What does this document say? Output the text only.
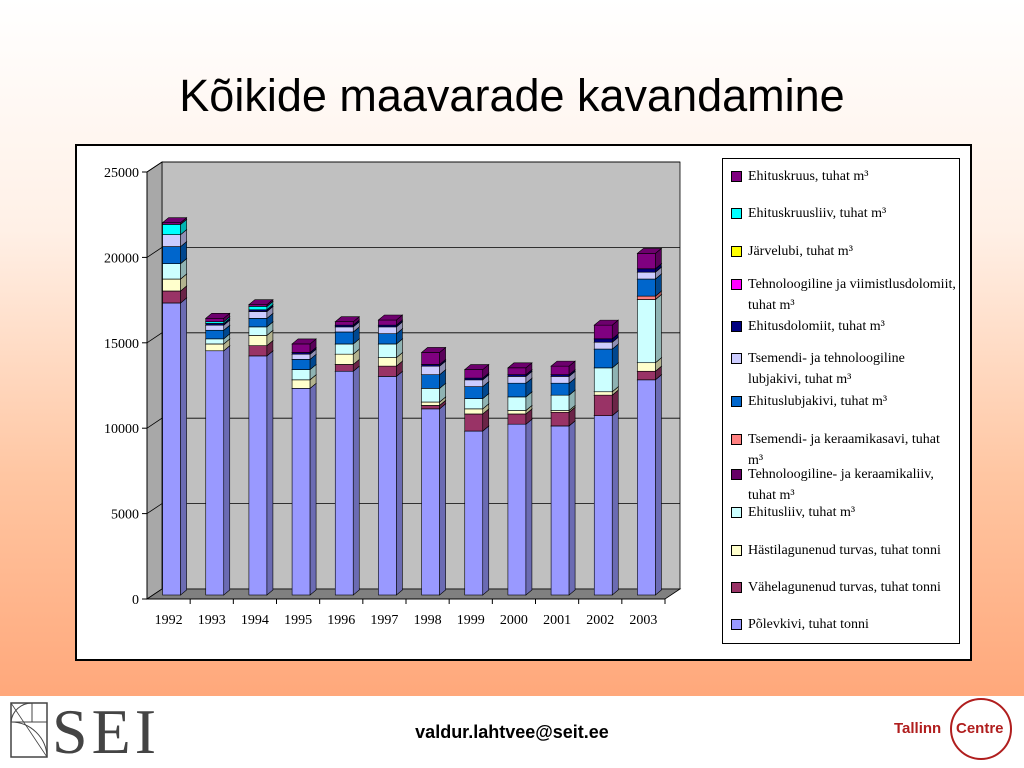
Kõikide maavarade kavandamine
0
5000
10000
15000
20000
25000
1992 1993 1994 1995 1996 1997 1998 1999 2000 2001 2002 2003
Ehituskruus, tuhat m³
Ehituskruusliiv, tuhat m³
Järvelubi, tuhat m³
Tehnoloogiline ja viimistlusdolomiit, tuhat m³
Ehitusdolomiit, tuhat m³
Tsemendi- ja tehnoloogiline lubjakivi, tuhat m³
Ehituslubjakivi, tuhat m³
Tsemendi- ja keraamikasavi, tuhat m³
Tehnoloogiline- ja keraamikaliiv, tuhat m³
Ehitusliiv, tuhat m³
Hästilagunenud turvas, tuhat tonni
Vähelagunenud turvas, tuhat tonni
Põlevkivi, tuhat tonni
SEI	valdur.lahtvee@seit.ee	Tallinn Centre
